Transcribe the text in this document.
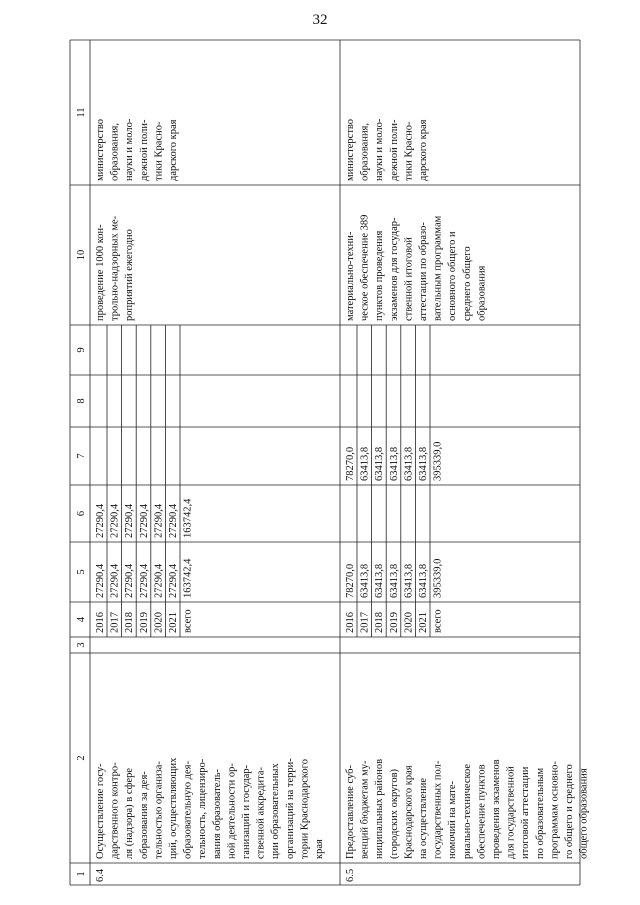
32
1
2
3
4
5
6
7
8
9
10
11
6.4
Осуществление госу- дарственного контро- ля (надзора) в сфере образования за дея- тельностью организа- ций, осуществляющих образовательную дея- тельность, лицензиро- вания образователь- ной деятельности ор- ганизаций и государ- ственной аккредита- ции образовательных организаций на терри- тории Краснодарского края
2016
27290,4
27290,4
2017
27290,4
27290,4
2018
27290,4
27290,4
2019
27290,4
27290,4
2020
27290,4
27290,4
2021
27290,4
27290,4
всего
163742,4
163742,4
проведение 1000 кон- трольно-надзорных ме- роприятий ежегодно
министерство образования, науки и моло- дежной поли- тики Красно- дарского края
6.5
Предоставление суб- венций бюджетам му- ниципальных районов (городских округов) Краснодарского края на осуществление государственных пол- номочий на мате- риально-техническое обеспечение пунктов проведения экзаменов для государственной итоговой аттестации по образовательным программам основно- го общего и среднего общего образования
2016
78270,0
78270,0
2017
63413,8
63413,8
2018
63413,8
63413,8
2019
63413,8
63413,8
2020
63413,8
63413,8
2021
63413,8
63413,8
всего
395339,0
395339,0
материально-техни- ческое обеспечение 389 пунктов проведения экзаменов для государ- ственной итоговой аттестации по образо- вательным программам основного общего и среднего общего образования
министерство образования, науки и моло- дежной поли- тики Красно- дарского края
